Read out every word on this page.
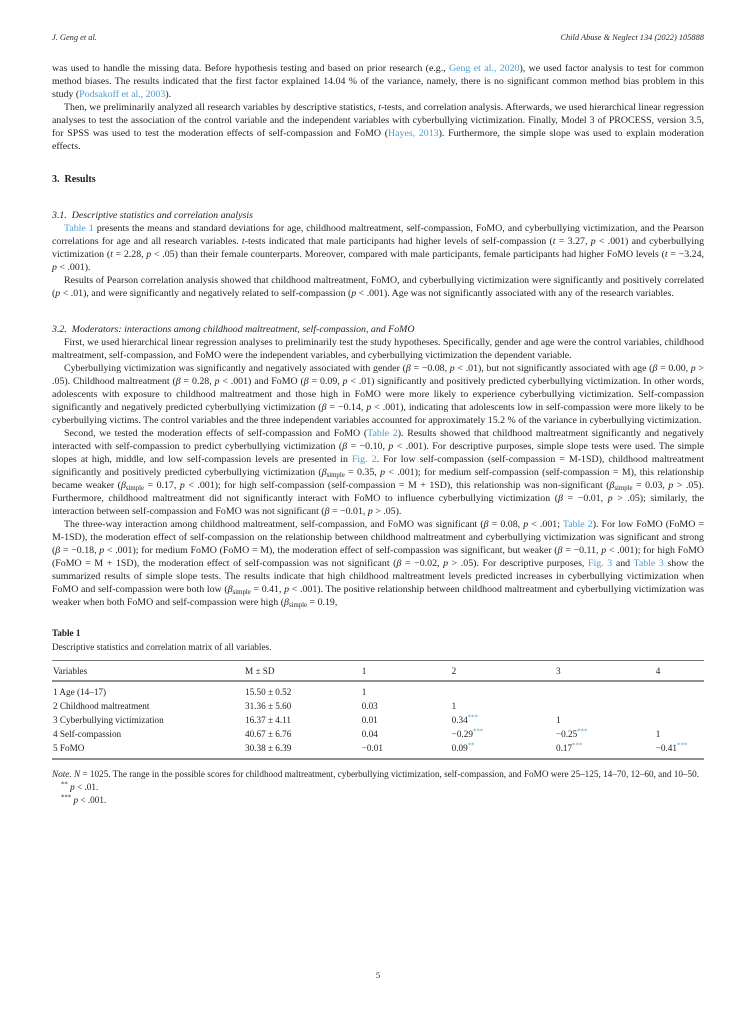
J. Geng et al.	Child Abuse & Neglect 134 (2022) 105888

was used to handle the missing data. Before hypothesis testing and based on prior research (e.g., Geng et al., 2020), we used factor analysis to test for common method biases. The results indicated that the first factor explained 14.04 % of the variance, namely, there is no significant common method bias problem in this study (Podsakoff et al., 2003).

Then, we preliminarily analyzed all research variables by descriptive statistics, t-tests, and correlation analysis. Afterwards, we used hierarchical linear regression analyses to test the association of the control variable and the independent variables with cyberbullying victimization. Finally, Model 3 of PROCESS, version 3.5, for SPSS was used to test the moderation effects of self-compassion and FoMO (Hayes, 2013). Furthermore, the simple slope was used to explain moderation effects.

3.  Results
3.1.  Descriptive statistics and correlation analysis

Table 1 presents the means and standard deviations for age, childhood maltreatment, self-compassion, FoMO, and cyberbullying victimization, and the Pearson correlations for age and all research variables. t-tests indicated that male participants had higher levels of self-compassion (t = 3.27, p < .001) and cyberbullying victimization (t = 2.28, p < .05) than their female counterparts. Moreover, compared with male participants, female participants had higher FoMO levels (t = −3.24, p < .001).

Results of Pearson correlation analysis showed that childhood maltreatment, FoMO, and cyberbullying victimization were significantly and positively correlated (p < .01), and were significantly and negatively related to self-compassion (p < .001). Age was not significantly associated with any of the research variables.

3.2.  Moderators: interactions among childhood maltreatment, self-compassion, and FoMO

First, we used hierarchical linear regression analyses to preliminarily test the study hypotheses. Specifically, gender and age were the control variables, childhood maltreatment, self-compassion, and FoMO were the independent variables, and cyberbullying victimization the dependent variable.

Cyberbullying victimization was significantly and negatively associated with gender (β = −0.08, p < .01), but not significantly associated with age (β = 0.00, p > .05). Childhood maltreatment (β = 0.28, p < .001) and FoMO (β = 0.09, p < .01) significantly and positively predicted cyberbullying victimization. In other words, adolescents with exposure to childhood maltreatment and those high in FoMO were more likely to experience cyberbullying victimization. Self-compassion significantly and negatively predicted cyberbullying victimization (β = −0.14, p < .001), indicating that adolescents low in self-compassion were more likely to be cyberbullying victims. The control variables and the three independent variables accounted for approximately 15.2 % of the variance in cyberbullying victimization.

Second, we tested the moderation effects of self-compassion and FoMO (Table 2). Results showed that childhood maltreatment significantly and negatively interacted with self-compassion to predict cyberbullying victimization (β = −0.10, p < .001). For descriptive purposes, simple slope tests were used. The simple slopes at high, middle, and low self-compassion levels are presented in Fig. 2. For low self-compassion (self-compassion = M-1SD), childhood maltreatment significantly and positively predicted cyberbullying victimization ($\beta_{simple} = 0.35$, p < .001); for medium self-compassion (self-compassion = M), this relationship became weaker ($\beta_{simple} = 0.17$, p < .001); for high self-compassion (self-compassion = M + 1SD), this relationship was non-significant ($\beta_{simple} = 0.03$, p > .05). Furthermore, childhood maltreatment did not significantly interact with FoMO to influence cyberbullying victimization (β = −0.01, p > .05); similarly, the interaction between self-compassion and FoMO was not significant (β = −0.01, p > .05).

The three-way interaction among childhood maltreatment, self-compassion, and FoMO was significant (β = 0.08, p < .001; Table 2). For low FoMO (FoMO = M-1SD), the moderation effect of self-compassion on the relationship between childhood maltreatment and cyberbullying victimization was significant and strong (β = −0.18, p < .001); for medium FoMO (FoMO = M), the moderation effect of self-compassion was significant, but weaker (β = −0.11, p < .001); for high FoMO (FoMO = M + 1SD), the moderation effect of self-compassion was not significant (β = −0.02, p > .05). For descriptive purposes, Fig. 3 and Table 3 show the summarized results of simple slope tests. The results indicate that high childhood maltreatment levels predicted increases in cyberbullying victimization when FoMO and self-compassion were both low ($\beta_{simple} = 0.41$, p < .001). The positive relationship between childhood maltreatment and cyberbullying victimization was weaker when both FoMO and self-compassion were high ($\beta_{simple} = 0.19$,

Table 1
Descriptive statistics and correlation matrix of all variables.
Variables	M ± SD	1	2	3	4
1 Age (14–17)	15.50 ± 0.52	1			
2 Childhood maltreatment	31.36 ± 5.60	0.03	1		
3 Cyberbullying victimization	16.37 ± 4.11	0.01	0.34***	1	
4 Self-compassion	40.67 ± 6.76	0.04	−0.29***	−0.25***	1
5 FoMO	30.38 ± 6.39	−0.01	0.09**	0.17***	−0.41***
Note. N = 1025. The range in the possible scores for childhood maltreatment, cyberbullying victimization, self-compassion, and FoMO were 25–125, 14–70, 12–60, and 10–50.
** p < .01.
*** p < .001.
5
